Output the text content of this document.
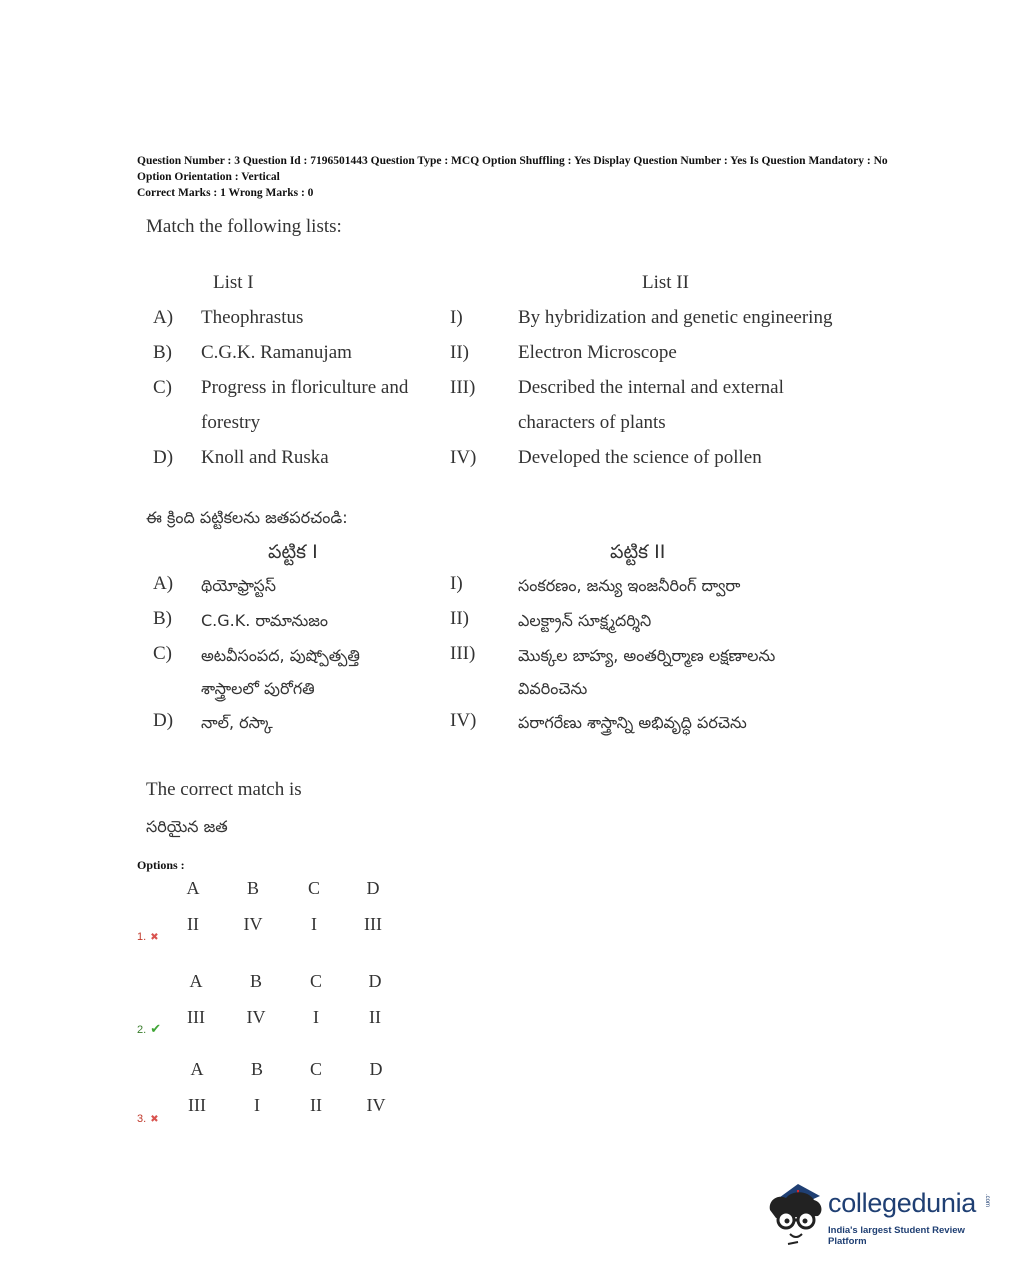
Question Number : 3 Question Id : 7196501443 Question Type : MCQ Option Shuffling : Yes Display Question Number : Yes Is Question Mandatory : No Option Orientation : Vertical
Correct Marks : 1 Wrong Marks : 0
Match the following lists:
List I	List II
A) Theophrastus	I)	By hybridization and genetic engineering
B) C.G.K. Ramanujam	II)	Electron Microscope
C) Progress in floriculture and III) Described the internal and external
forestry	characters of plants
D) Knoll and Ruska	IV) Developed the science of pollen
ఈ క్రింది పట్టికలను జతపరచండి:
పట్టిక I	పట్టిక II
A) థియోఫ్రాస్టస్	I)	సంకరణం, జన్యు ఇంజనీరింగ్ ద్వారా
B) C.G.K. రామానుజం	II)	ఎలక్ట్రాన్ సూక్ష్మదర్శిని
C) అటవీసంపద, పుష్పోత్పత్తి	III)	మొక్కల బాహ్య, అంతర్నిర్మాణ లక్షణాలను
శాస్త్రాలలో పురోగతి	వివరించెను
D) నాల్, రస్కా	IV)	పరాగరేణు శాస్త్రాన్ని అభివృద్ధి పరచెను
The correct match is
సరియైన జత
Options :
A	B	C	D
II	IV	I	III
1. ✖
A	B	C	D
III	IV	I	II
2. ✔
A	B	C	D
III	I	II	IV
3. ✖
collegedunia .com
India's largest Student Review Platform
